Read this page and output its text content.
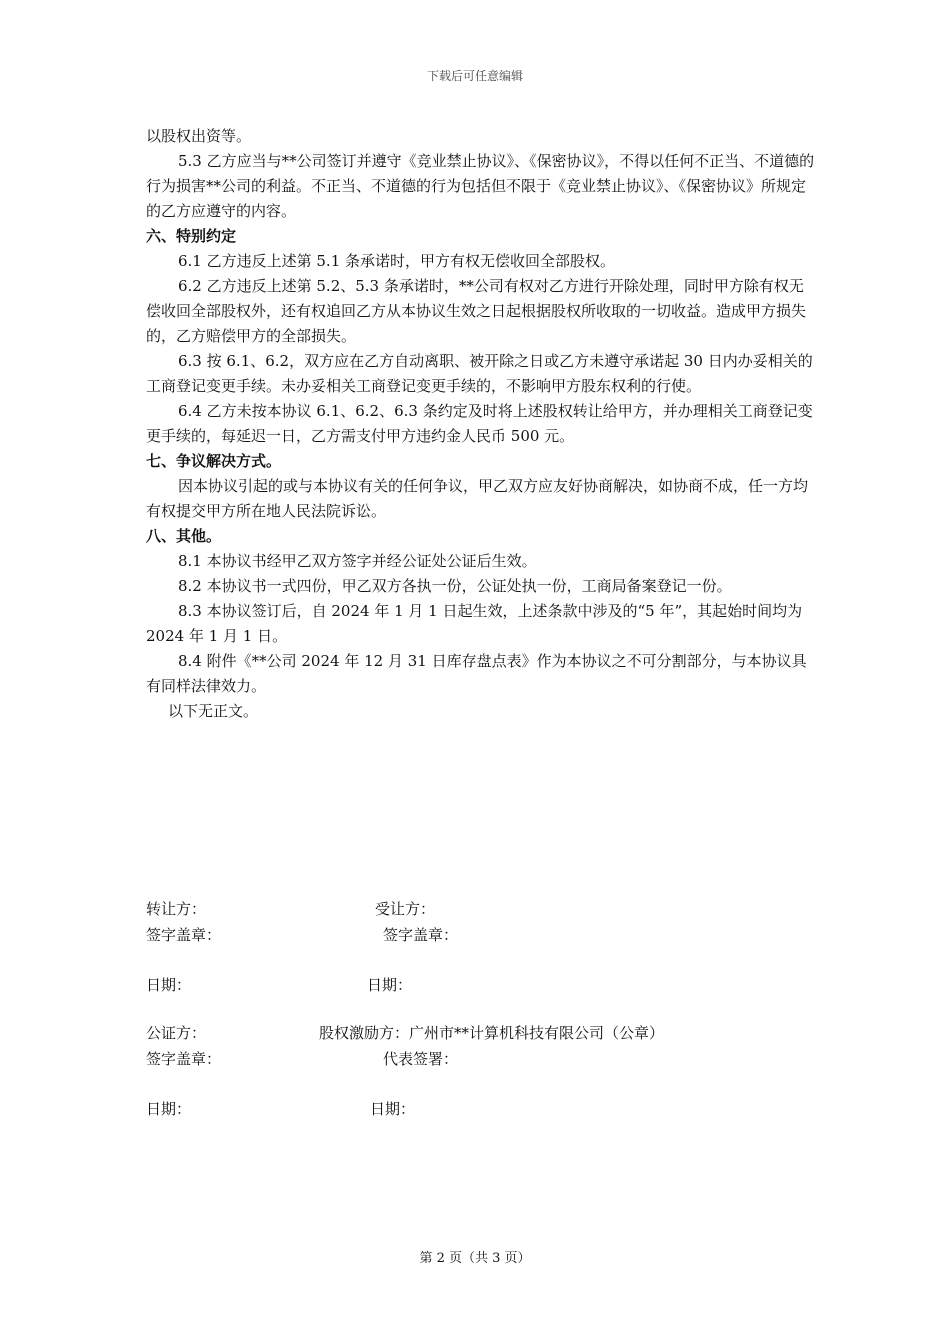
下载后可任意编辑

以股权出资等。

5.3 乙方应当与**公司签订并遵守《竞业禁止协议》、《保密协议》，不得以任何不正当、不道德的行为损害**公司的利益。不正当、不道德的行为包括但不限于《竞业禁止协议》、《保密协议》所规定的乙方应遵守的内容。

六、特别约定

6.1 乙方违反上述第 5.1 条承诺时，甲方有权无偿收回全部股权。

6.2 乙方违反上述第 5.2、5.3 条承诺时，**公司有权对乙方进行开除处理，同时甲方除有权无偿收回全部股权外，还有权追回乙方从本协议生效之日起根据股权所收取的一切收益。造成甲方损失的，乙方赔偿甲方的全部损失。

6.3 按 6.1、6.2，双方应在乙方自动离职、被开除之日或乙方未遵守承诺起 30 日内办妥相关的工商登记变更手续。未办妥相关工商登记变更手续的，不影响甲方股东权利的行使。

6.4 乙方未按本协议 6.1、6.2、6.3 条约定及时将上述股权转让给甲方，并办理相关工商登记变更手续的，每延迟一日，乙方需支付甲方违约金人民币 500 元。

七、争议解决方式。

因本协议引起的或与本协议有关的任何争议，甲乙双方应友好协商解决，如协商不成，任一方均有权提交甲方所在地人民法院诉讼。

八、其他。

8.1 本协议书经甲乙双方签字并经公证处公证后生效。

8.2 本协议书一式四份，甲乙双方各执一份，公证处执一份，工商局备案登记一份。

8.3 本协议签订后，自 2024 年 1 月 1 日起生效，上述条款中涉及的“5 年”，其起始时间均为 2024 年 1 月 1 日。

8.4 附件《**公司 2024 年 12 月 31 日库存盘点表》作为本协议之不可分割部分，与本协议具有同样法律效力。

以下无正文。

转让方：	受让方：
签字盖章：	签字盖章：
日期：	日期：
公证方：	股权激励方：广州市**计算机科技有限公司（公章）
签字盖章：	代表签署：
日期：	日期：
第 2 页（共 3 页）
